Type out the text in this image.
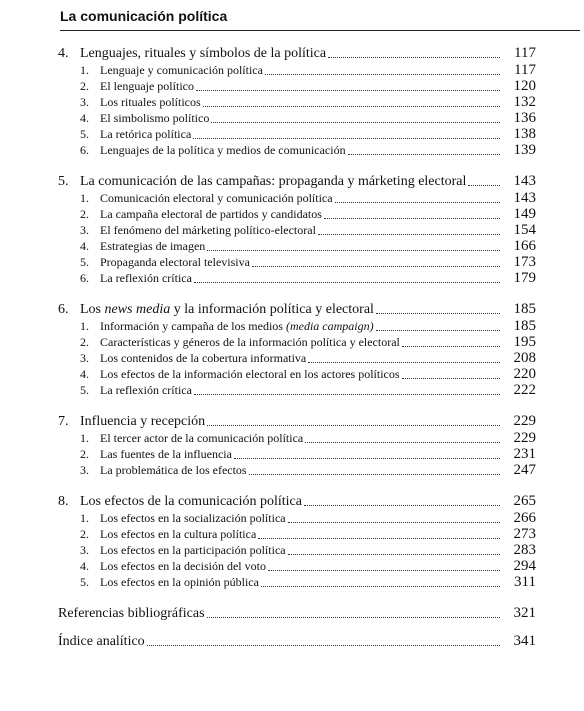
La comunicación política
4. Lenguajes, rituales y símbolos de la política	117
1. Lenguaje y comunicación política	117
2. El lenguaje político	120
3. Los rituales políticos	132
4. El simbolismo político	136
5. La retórica política	138
6. Lenguajes de la política y medios de comunicación	139
5. La comunicación de las campañas: propaganda y márketing electoral	143
1. Comunicación electoral y comunicación política	143
2. La campaña electoral de partidos y candidatos	149
3. El fenómeno del márketing político-electoral	154
4. Estrategias de imagen	166
5. Propaganda electoral televisiva	173
6. La reflexión crítica	179
6. Los news media y la información política y electoral	185
1. Información y campaña de los medios (media campaign)	185
2. Características y géneros de la información política y electoral	195
3. Los contenidos de la cobertura informativa	208
4. Los efectos de la información electoral en los actores políticos	220
5. La reflexión crítica	222
7. Influencia y recepción	229
1. El tercer actor de la comunicación política	229
2. Las fuentes de la influencia	231
3. La problemática de los efectos	247
8. Los efectos de la comunicación política	265
1. Los efectos en la socialización política	266
2. Los efectos en la cultura política	273
3. Los efectos en la participación política	283
4. Los efectos en la decisión del voto	294
5. Los efectos en la opinión pública	311
Referencias bibliográficas	321
Índice analítico	341
